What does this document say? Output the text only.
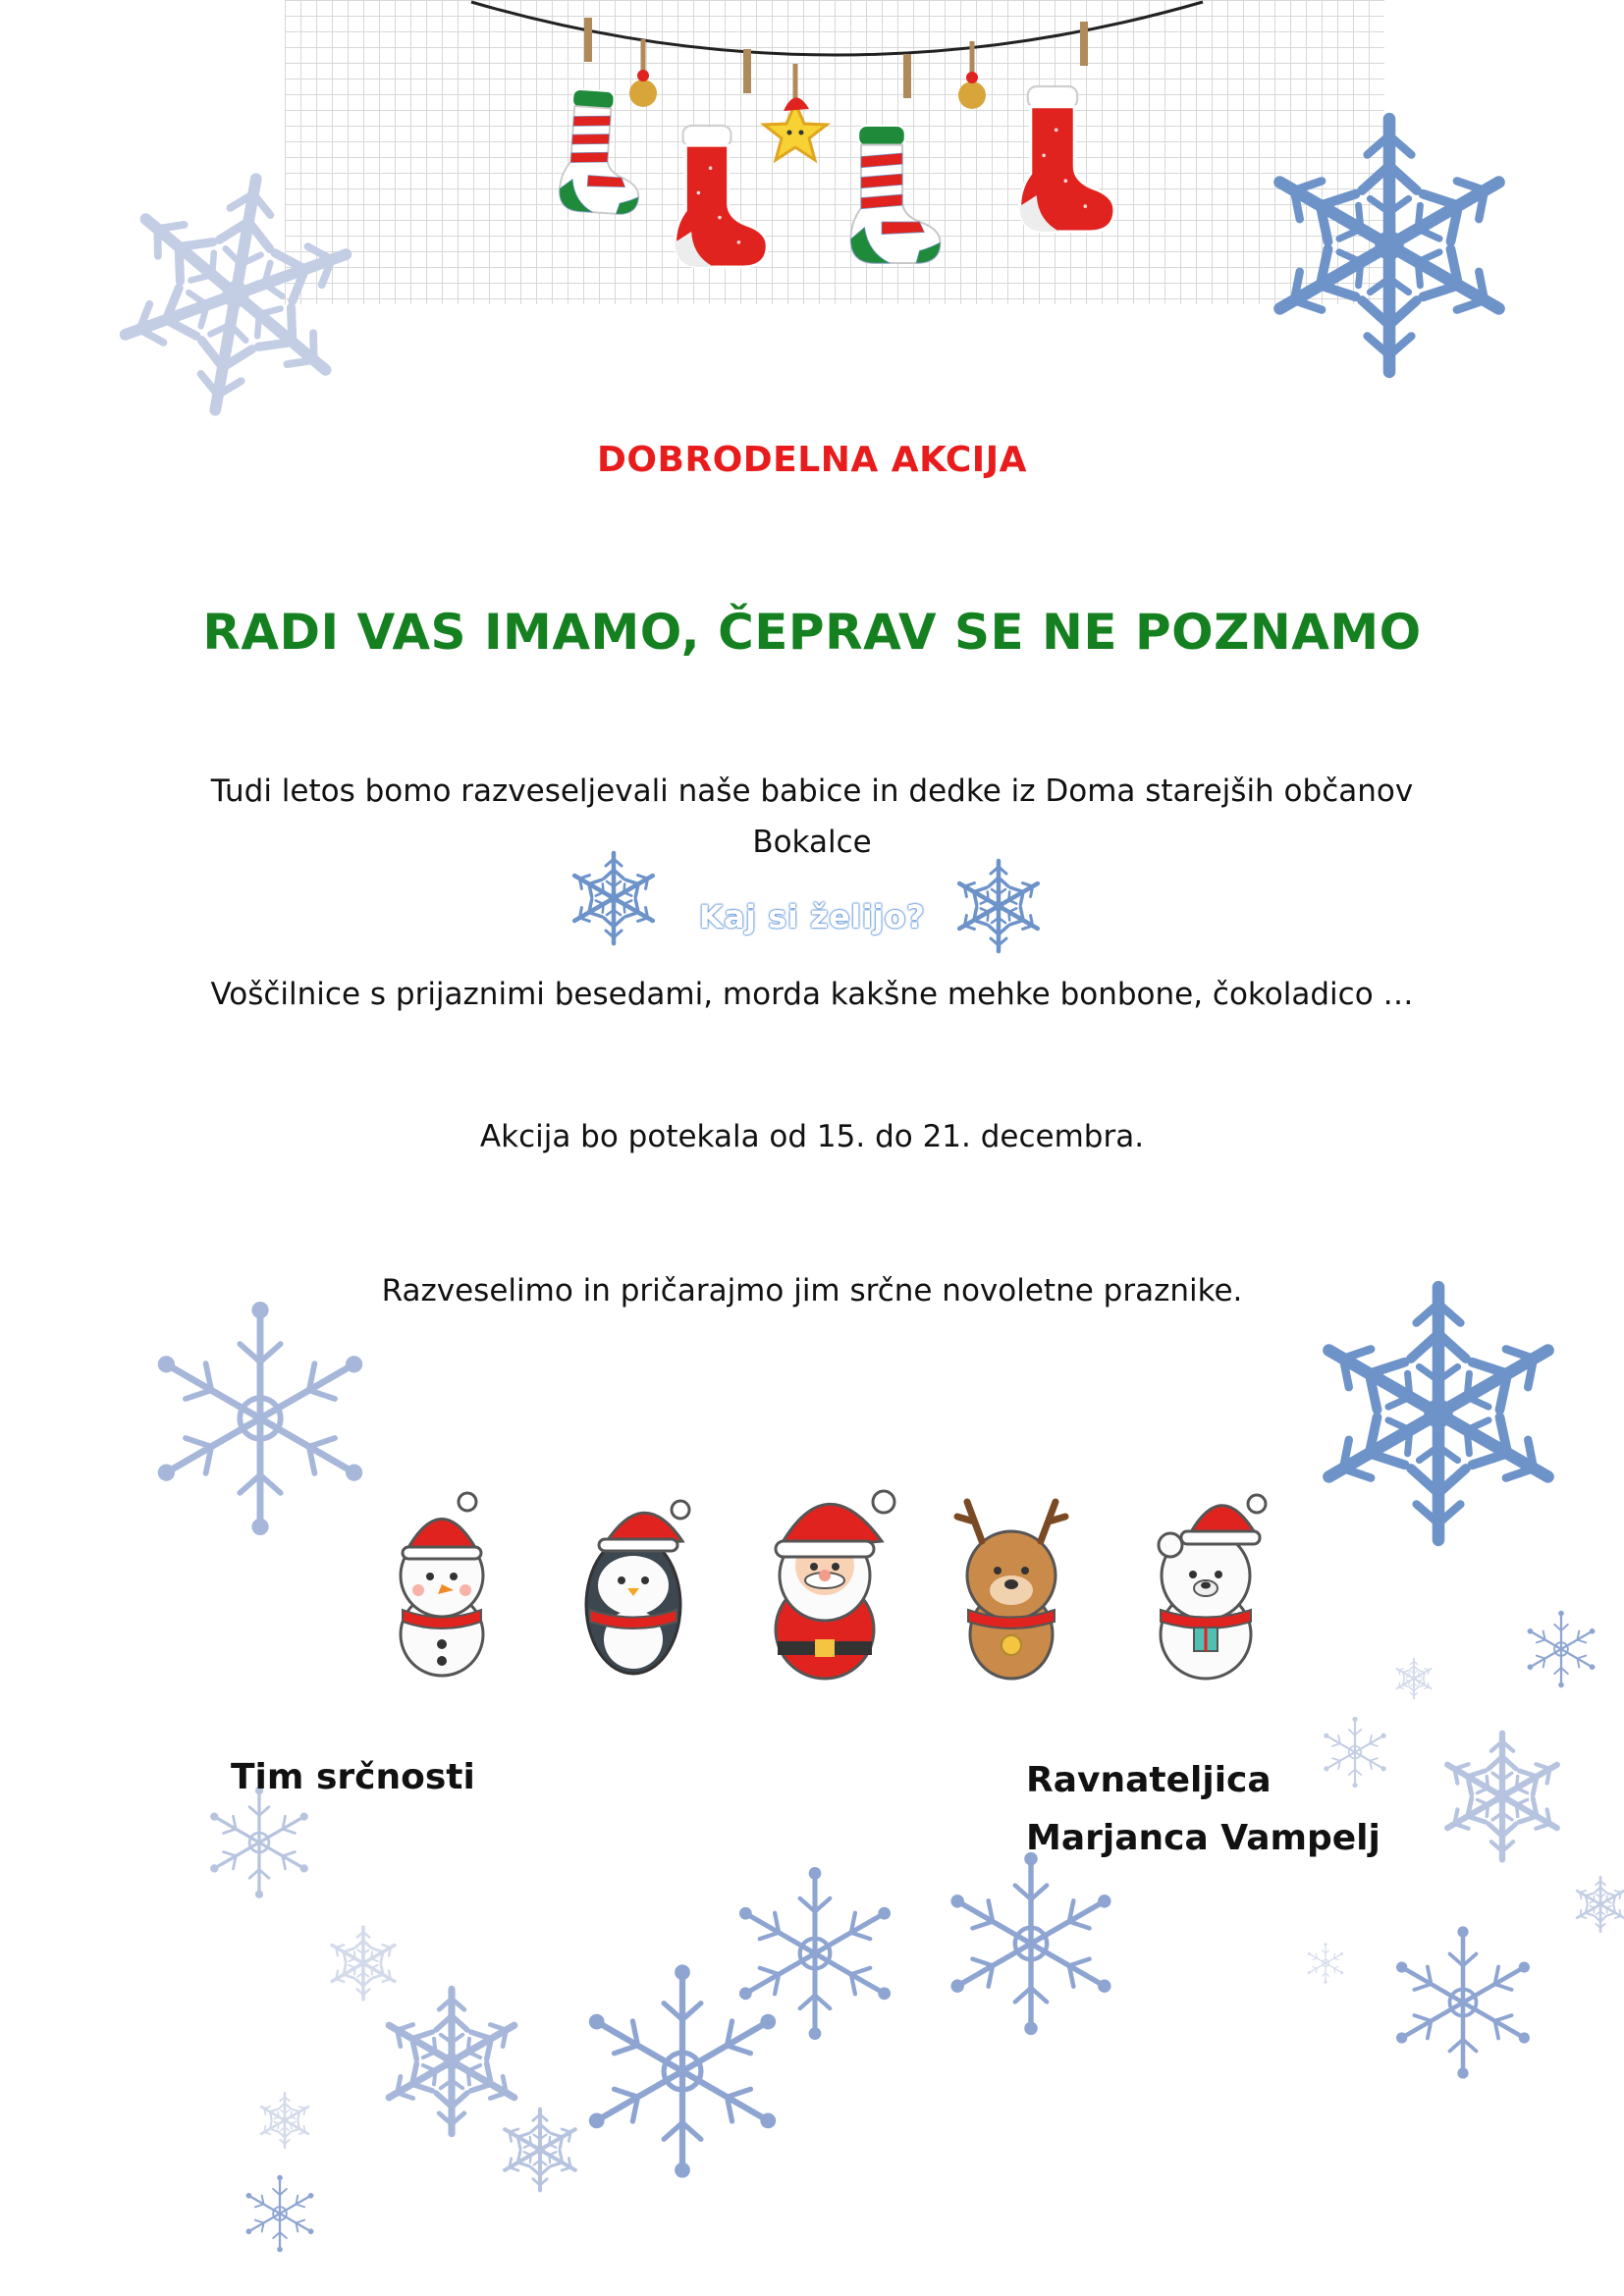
DOBRODELNA AKCIJA

RADI VAS IMAMO, ČEPRAV SE NE POZNAMO

Tudi letos bomo razveseljevali naše babice in dedke iz Doma starejših občanov

Bokalce

Kaj si želijo?

Voščilnice s prijaznimi besedami, morda kakšne mehke bonbone, čokoladico …

Akcija bo potekala od 15. do 21. decembra.

Razveselimo in pričarajmo jim srčne novoletne praznike.

Tim srčnosti	Ravnateljica

Marjanca Vampelj
